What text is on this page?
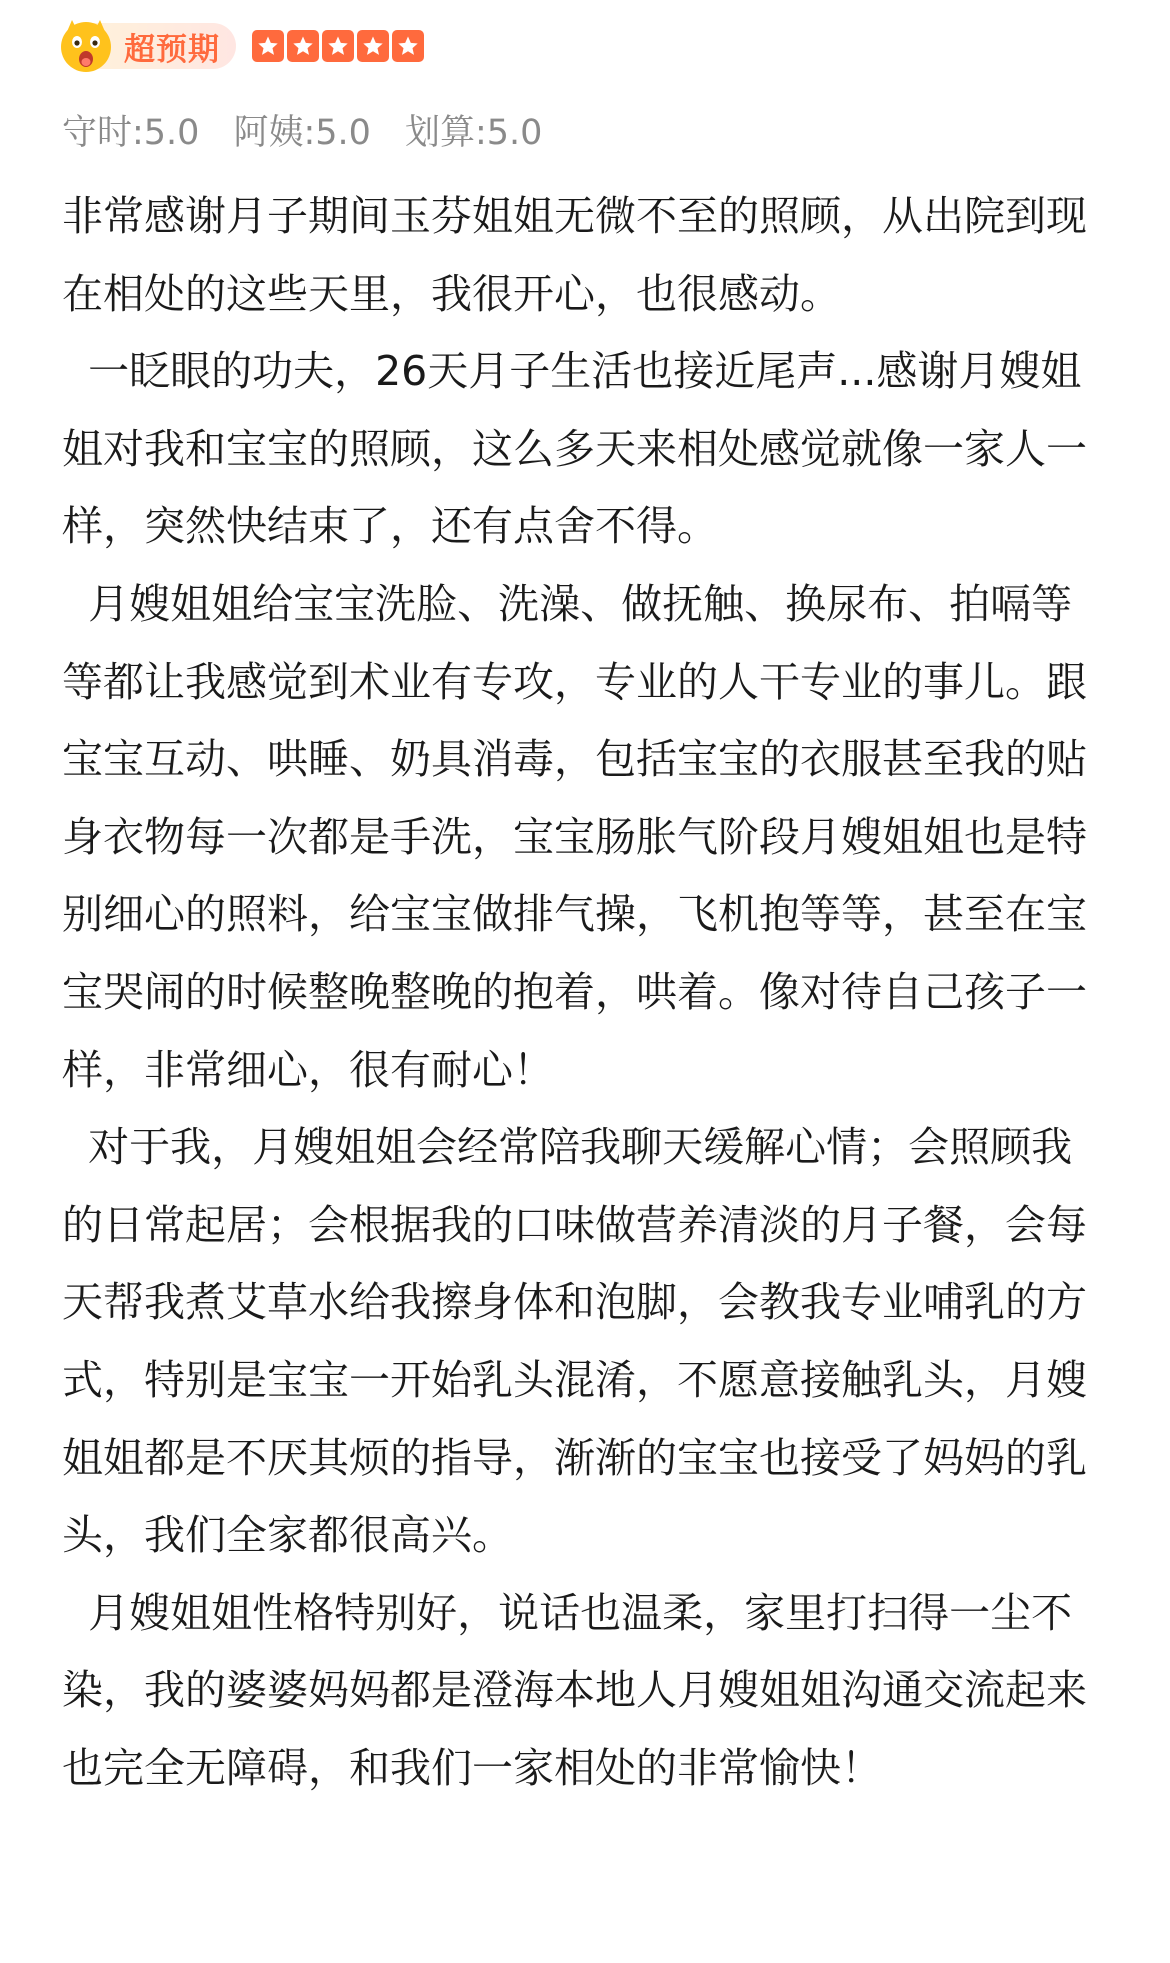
超预期
守时:5.0 阿姨:5.0 划算:5.0

非常感谢月子期间玉芬姐姐无微不至的照顾，从出院到现在相处的这些天里，我很开心，也很感动。

一眨眼的功夫，26天月子生活也接近尾声...感谢月嫂姐姐对我和宝宝的照顾，这么多天来相处感觉就像一家人一样，突然快结束了，还有点舍不得。

月嫂姐姐给宝宝洗脸、洗澡、做抚触、换尿布、拍嗝等等都让我感觉到术业有专攻，专业的人干专业的事儿。跟宝宝互动、哄睡、奶具消毒，包括宝宝的衣服甚至我的贴身衣物每一次都是手洗，宝宝肠胀气阶段月嫂姐姐也是特别细心的照料，给宝宝做排气操，飞机抱等等，甚至在宝宝哭闹的时候整晚整晚的抱着，哄着。像对待自己孩子一样，非常细心，很有耐心！

对于我，月嫂姐姐会经常陪我聊天缓解心情；会照顾我的日常起居；会根据我的口味做营养清淡的月子餐，会每天帮我煮艾草水给我擦身体和泡脚，会教我专业哺乳的方式，特别是宝宝一开始乳头混淆，不愿意接触乳头，月嫂姐姐都是不厌其烦的指导，渐渐的宝宝也接受了妈妈的乳头，我们全家都很高兴。

月嫂姐姐性格特别好，说话也温柔，家里打扫得一尘不染，我的婆婆妈妈都是澄海本地人月嫂姐姐沟通交流起来也完全无障碍，和我们一家相处的非常愉快！
